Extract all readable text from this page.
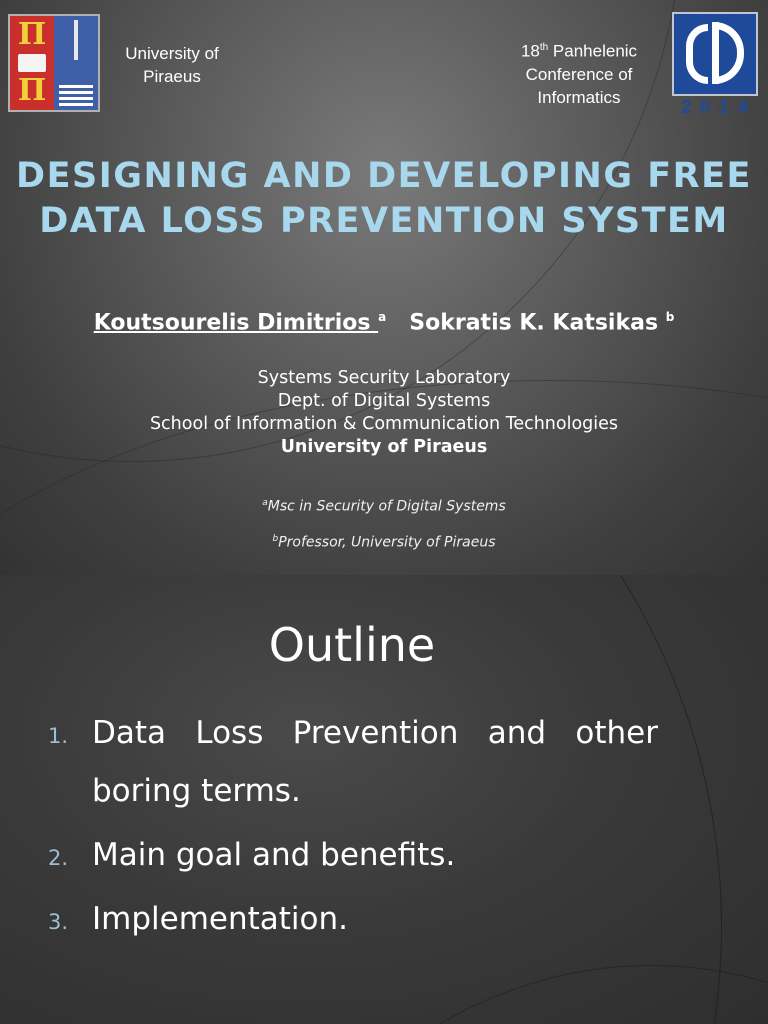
Π
Π
University of
Piraeus
18th Panhelenic
Conference of
Informatics	2014
DESIGNING AND DEVELOPING FREE
DATA LOSS PREVENTION SYSTEM
Koutsourelis Dimitrios $^a$ Sokratis K. Katsikas $^b$
Systems Security Laboratory
Dept. of Digital Systems
School of Information & Communication Technologies
University of Piraeus
$^a$Msc in Security of Digital Systems
$^b$Professor, University of Piraeus
Outline
1. Data Loss Prevention and other boring terms.
2. Main goal and benefits.
3. Implementation.
